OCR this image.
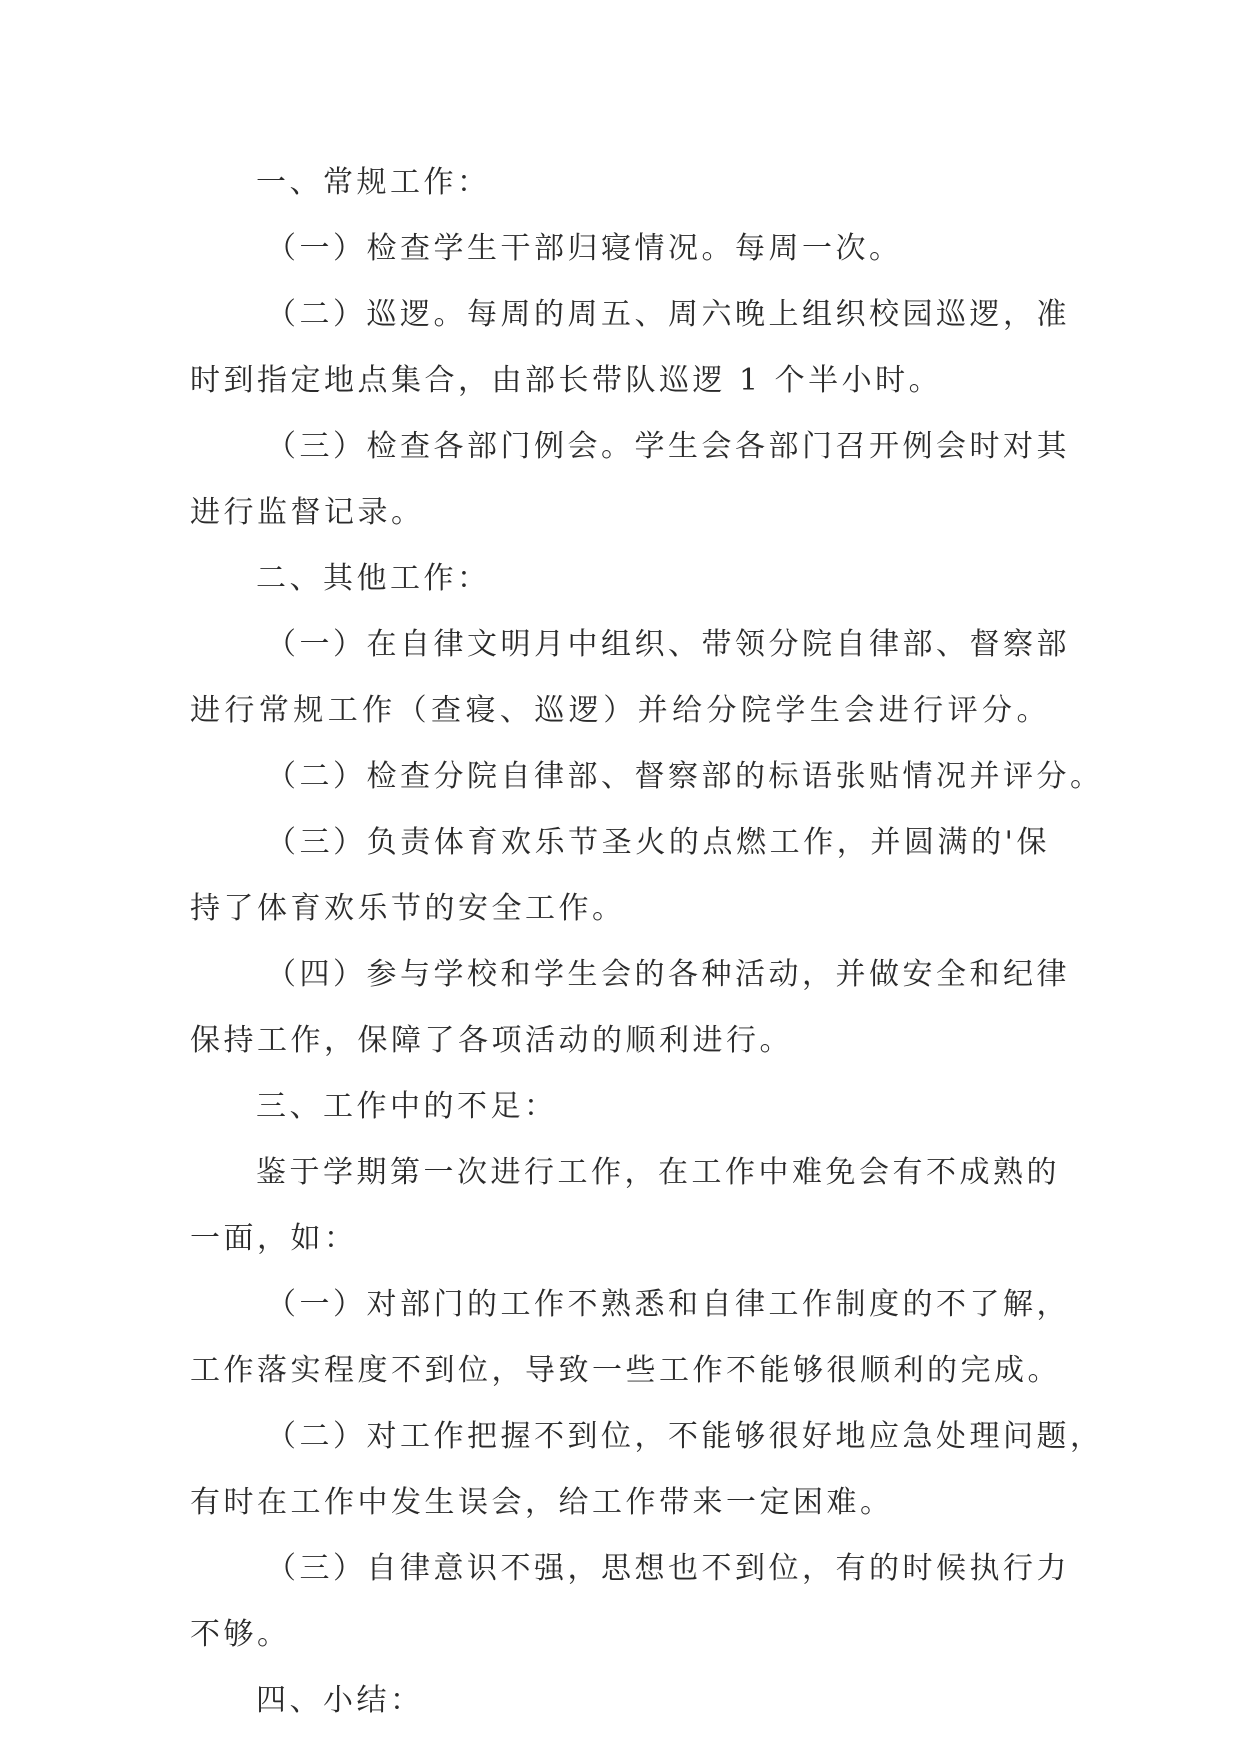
一、常规工作：
（一）检查学生干部归寝情况。每周一次。
（二）巡逻。每周的周五、周六晚上组织校园巡逻，准
时到指定地点集合，由部长带队巡逻 1 个半小时。
（三）检查各部门例会。学生会各部门召开例会时对其
进行监督记录。
二、其他工作：
（一）在自律文明月中组织、带领分院自律部、督察部
进行常规工作（查寝、巡逻）并给分院学生会进行评分。
（二）检查分院自律部、督察部的标语张贴情况并评分。
（三）负责体育欢乐节圣火的点燃工作，并圆满的'保
持了体育欢乐节的安全工作。
（四）参与学校和学生会的各种活动，并做安全和纪律
保持工作，保障了各项活动的顺利进行。
三、工作中的不足：
鉴于学期第一次进行工作，在工作中难免会有不成熟的
一面，如：
（一）对部门的工作不熟悉和自律工作制度的不了解，
工作落实程度不到位，导致一些工作不能够很顺利的完成。
（二）对工作把握不到位，不能够很好地应急处理问题，
有时在工作中发生误会，给工作带来一定困难。
（三）自律意识不强，思想也不到位，有的时候执行力
不够。
四、小结：
